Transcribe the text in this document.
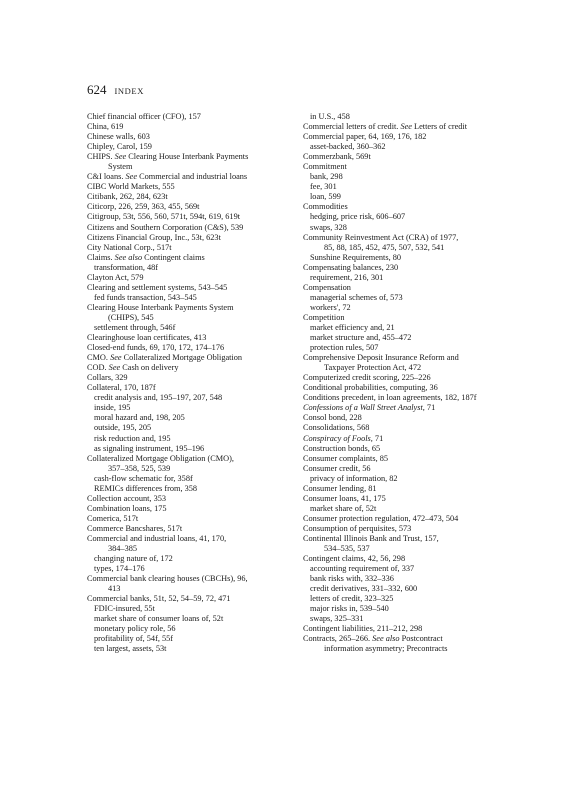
624 INDEX
Chief financial officer (CFO), 157
China, 619
Chinese walls, 603
Chipley, Carol, 159
CHIPS. See Clearing House Interbank Payments
System
C&I loans. See Commercial and industrial loans
CIBC World Markets, 555
Citibank, 262, 284, 623t
Citicorp, 226, 259, 363, 455, 569t
Citigroup, 53t, 556, 560, 571t, 594t, 619, 619t
Citizens and Southern Corporation (C&S), 539
Citizens Financial Group, Inc., 53t, 623t
City National Corp., 517t
Claims. See also Contingent claims
transformation, 48f
Clayton Act, 579
Clearing and settlement systems, 543–545
fed funds transaction, 543–545
Clearing House Interbank Payments System
(CHIPS), 545
settlement through, 546f
Clearinghouse loan certificates, 413
Closed-end funds, 69, 170, 172, 174–176
CMO. See Collateralized Mortgage Obligation
COD. See Cash on delivery
Collars, 329
Collateral, 170, 187f
credit analysis and, 195–197, 207, 548
inside, 195
moral hazard and, 198, 205
outside, 195, 205
risk reduction and, 195
as signaling instrument, 195–196
Collateralized Mortgage Obligation (CMO),
357–358, 525, 539
cash-flow schematic for, 358f
REMICs differences from, 358
Collection account, 353
Combination loans, 175
Comerica, 517t
Commerce Bancshares, 517t
Commercial and industrial loans, 41, 170,
384–385
changing nature of, 172
types, 174–176
Commercial bank clearing houses (CBCHs), 96,
413
Commercial banks, 51t, 52, 54–59, 72, 471
FDIC-insured, 55t
market share of consumer loans of, 52t
monetary policy role, 56
profitability of, 54f, 55f
ten largest, assets, 53t
in U.S., 458
Commercial letters of credit. See Letters of credit
Commercial paper, 64, 169, 176, 182
asset-backed, 360–362
Commerzbank, 569t
Commitment
bank, 298
fee, 301
loan, 599
Commodities
hedging, price risk, 606–607
swaps, 328
Community Reinvestment Act (CRA) of 1977,
85, 88, 185, 452, 475, 507, 532, 541
Sunshine Requirements, 80
Compensating balances, 230
requirement, 216, 301
Compensation
managerial schemes of, 573
workers', 72
Competition
market efficiency and, 21
market structure and, 455–472
protection rules, 507
Comprehensive Deposit Insurance Reform and
Taxpayer Protection Act, 472
Computerized credit scoring, 225–226
Conditional probabilities, computing, 36
Conditions precedent, in loan agreements, 182, 187f
Confessions of a Wall Street Analyst, 71
Consol bond, 228
Consolidations, 568
Conspiracy of Fools, 71
Construction bonds, 65
Consumer complaints, 85
Consumer credit, 56
privacy of information, 82
Consumer lending, 81
Consumer loans, 41, 175
market share of, 52t
Consumer protection regulation, 472–473, 504
Consumption of perquisites, 573
Continental Illinois Bank and Trust, 157,
534–535, 537
Contingent claims, 42, 56, 298
accounting requirement of, 337
bank risks with, 332–336
credit derivatives, 331–332, 600
letters of credit, 323–325
major risks in, 539–540
swaps, 325–331
Contingent liabilities, 211–212, 298
Contracts, 265–266. See also Postcontract
information asymmetry; Precontracts
